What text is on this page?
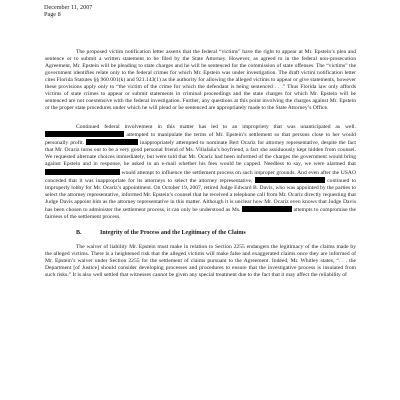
December 11, 2007
Page 8

The proposed victim notification letter asserts that the federal “victims” have the right to appear at Mr. Epstein’s plea and sentence or to submit a written statement to be filed by the State Attorney. However, as agreed to in the federal non-prosecution Agreement, Mr. Epstein will be pleading to state charges and he will be sentenced for the commission of state offenses. The “victims” the government identifies relate only to the federal crimes for which Mr. Epstein was under investigation. The draft victim notification letter cites Florida Statutes §§ 960.001(k) and 921.143(1) as the authority for allowing the alleged victims to appear or give statements, however these provisions apply only to “the victim of the crime for which the defendant is being sentenced . . .” Thus Florida law only affords victims of state crimes to appear or submit statements in criminal proceedings and the state charges for which Mr. Epstein will be sentenced are not coextensive with the federal investigation. Further, any questions at this point involving the charges against Mr. Epstein or the proper state procedures under which he will plead or be sentenced are appropriately made to the State Attorney’s Office.

Continued federal involvement in this matter has led to an impropriety that was unanticipated as well.  attempted to manipulate the terms of Mr. Epstein’s settlement so that persons close to her would personally profit.	inappropriately attempted to nominate Bert Ocariz for attorney representative, despite the fact that Mr. Ocariz turns out to be a very good personal friend of Ms. Villafaña’s boyfriend, a fact she assiduously kept hidden from counsel. We requested alternate choices immediately, but were told that Mr. Ocariz had been informed of the charges the government would bring against Epstein and in response, he asked in an e-mail whether his fees would be capped. Needless to say, we were alarmed that  would attempt to influence the settlement process on such improper grounds. And even after the USAO conceded that it was inappropriate for its attorneys to select the attorney representative,	continued to improperly lobby for Mr. Ocariz’s appointment. On October 19, 2007, retired Judge Edward B. Davis, who was appointed by the parties to select the attorney representative, informed Mr. Epstein’s counsel that he received a telephone call from Mr. Ocariz directly requesting that Judge Davis appoint him as the attorney representative in this matter. Although it is unclear how Mr. Ocariz even knows that Judge Davis has been chosen to administer the settlement process, it can only be understood as Ms.	attempts to compromise the fairness of the settlement process.

B.	Integrity of the Process and the Legitimacy of the Claims

The waiver of liability Mr. Epstein must make in relation to Section 2255 endangers the legitimacy of the claims made by the alleged victims. There is a heightened risk that the alleged victims will make false and exaggerated claims once they are informed of Mr. Epstein’s waiver under Section 2255 for the settlement of claims pursuant to the Agreement. Indeed, Mr. Whitley states, “. . . the Department [of Justice] should consider developing processes and procedures to ensure that the investigative process is insulated from such risks.” It is also well settled that witnesses cannot be given any special treatment due to the fact that it may affect the reliability of
